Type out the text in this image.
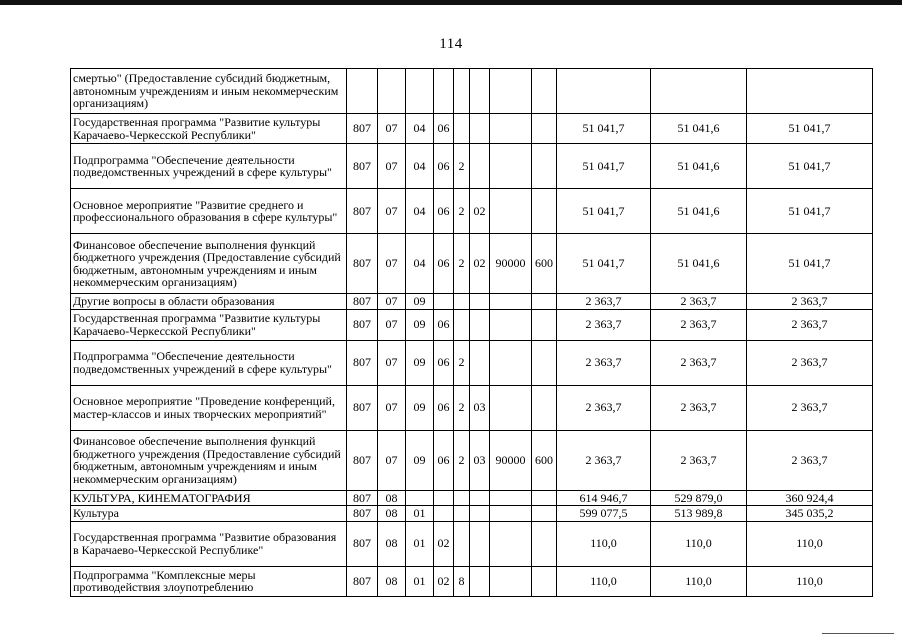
114
смертью" (Предоставление субсидий бюджетным, автономным учреждениям и иным некоммерческим организациям)											
Государственная программа "Развитие культуры Карачаево-Черкесской Республики"	807	07	04	06					51 041,7	51 041,6	51 041,7
Подпрограмма "Обеспечение деятельности подведомственных учреждений в сфере культуры"	807	07	04	06	2				51 041,7	51 041,6	51 041,7
Основное мероприятие "Развитие среднего и профессионального образования в сфере культуры"	807	07	04	06	2	02			51 041,7	51 041,6	51 041,7
Финансовое обеспечение выполнения функций бюджетного учреждения (Предоставление субсидий бюджетным, автономным учреждениям и иным некоммерческим организациям)	807	07	04	06	2	02	90000	600	51 041,7	51 041,6	51 041,7
Другие вопросы в области образования	807	07	09						2 363,7	2 363,7	2 363,7
Государственная программа "Развитие культуры Карачаево-Черкесской Республики"	807	07	09	06					2 363,7	2 363,7	2 363,7
Подпрограмма "Обеспечение деятельности подведомственных учреждений в сфере культуры"	807	07	09	06	2				2 363,7	2 363,7	2 363,7
Основное мероприятие "Проведение конференций, мастер-классов и иных творческих мероприятий"	807	07	09	06	2	03			2 363,7	2 363,7	2 363,7
Финансовое обеспечение выполнения функций бюджетного учреждения (Предоставление субсидий бюджетным, автономным учреждениям и иным некоммерческим организациям)	807	07	09	06	2	03	90000	600	2 363,7	2 363,7	2 363,7
КУЛЬТУРА, КИНЕМАТОГРАФИЯ	807	08							614 946,7	529 879,0	360 924,4
Культура	807	08	01						599 077,5	513 989,8	345 035,2
Государственная программа "Развитие образования в Карачаево-Черкесской Республике"	807	08	01	02					110,0	110,0	110,0
Подпрограмма "Комплексные меры противодействия злоупотреблению	807	08	01	02	8				110,0	110,0	110,0
